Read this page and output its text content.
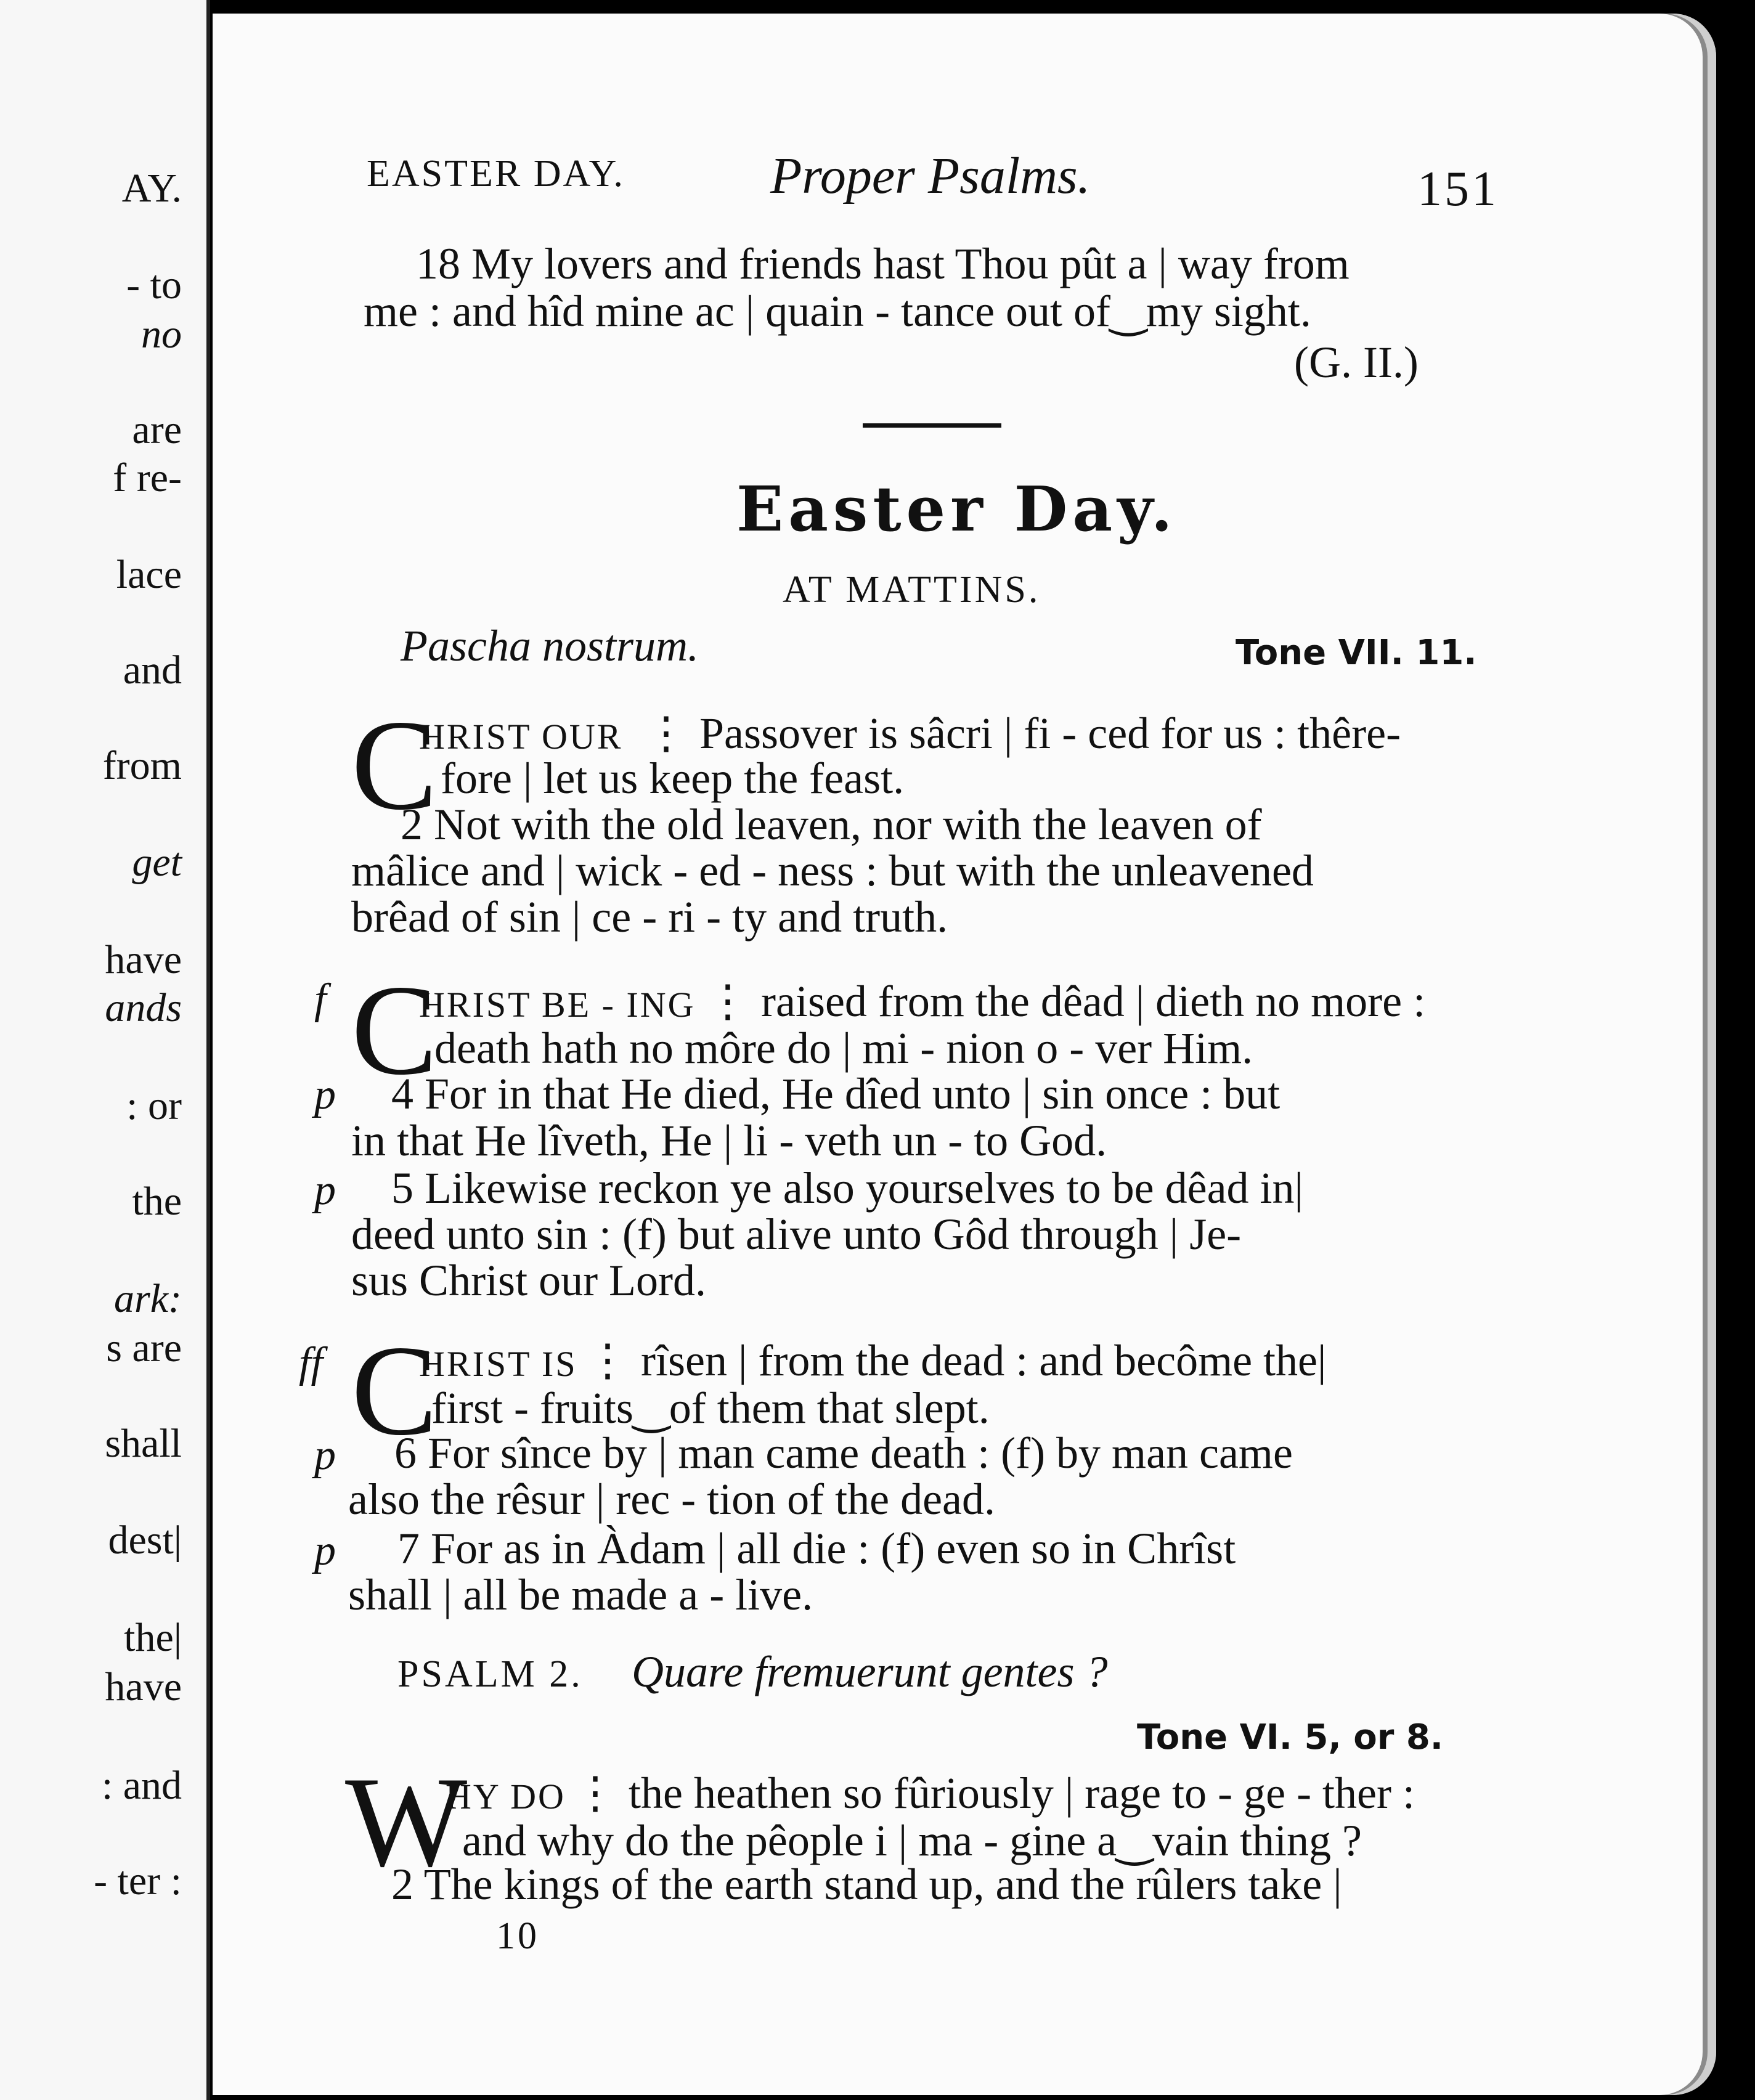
AY.
- to
no
are
f re-
lace
and
from
get
have
ands
: or
the
ark:
s are
shall
dest|
the|
have
: and
- ter :
EASTER DAY.	Proper Psalms.	151
18 My lovers and friends hast Thou pût a | way from
me : and hîd mine ac | quain - tance out of‿my sight.
(G. II.)
Easter Day.
AT MATTINS.
Pascha nostrum.	Tone VII. 11.
C
HRIST OUR ⋮ Passover is sâcri | fi - ced for us : thêre-
fore | let us keep the feast.
2 Not with the old leaven, nor with the leaven of
mâlice and | wick - ed - ness : but with the unleavened
brêad of sin | ce - ri - ty and truth.
f C
HRIST BE - ING ⋮ raised from the dêad | dieth no more :
death hath no môre do | mi - nion o - ver Him.
p 4 For in that He died, He dîed unto | sin once : but
in that He lîveth, He | li - veth un - to God.
p 5 Likewise reckon ye also yourselves to be dêad in|
deed unto sin : (f) but alive unto Gôd through | Je-
sus Christ our Lord.
ff C
HRIST IS ⋮ rîsen | from the dead : and becôme the|
first - fruits‿of them that slept.
p 6 For sînce by | man came death : (f) by man came
also the rêsur | rec - tion of the dead.
p 7 For as in Àdam | all die : (f) even so in Chrîst
shall | all be made a - live.
PSALM 2. Quare fremuerunt gentes ?
Tone VI. 5, or 8.
W
HY DO ⋮ the heathen so fûriously | rage to - ge - ther :
and why do the pêople i | ma - gine a‿vain thing ?
2 The kings of the earth stand up, and the rûlers take |
10
